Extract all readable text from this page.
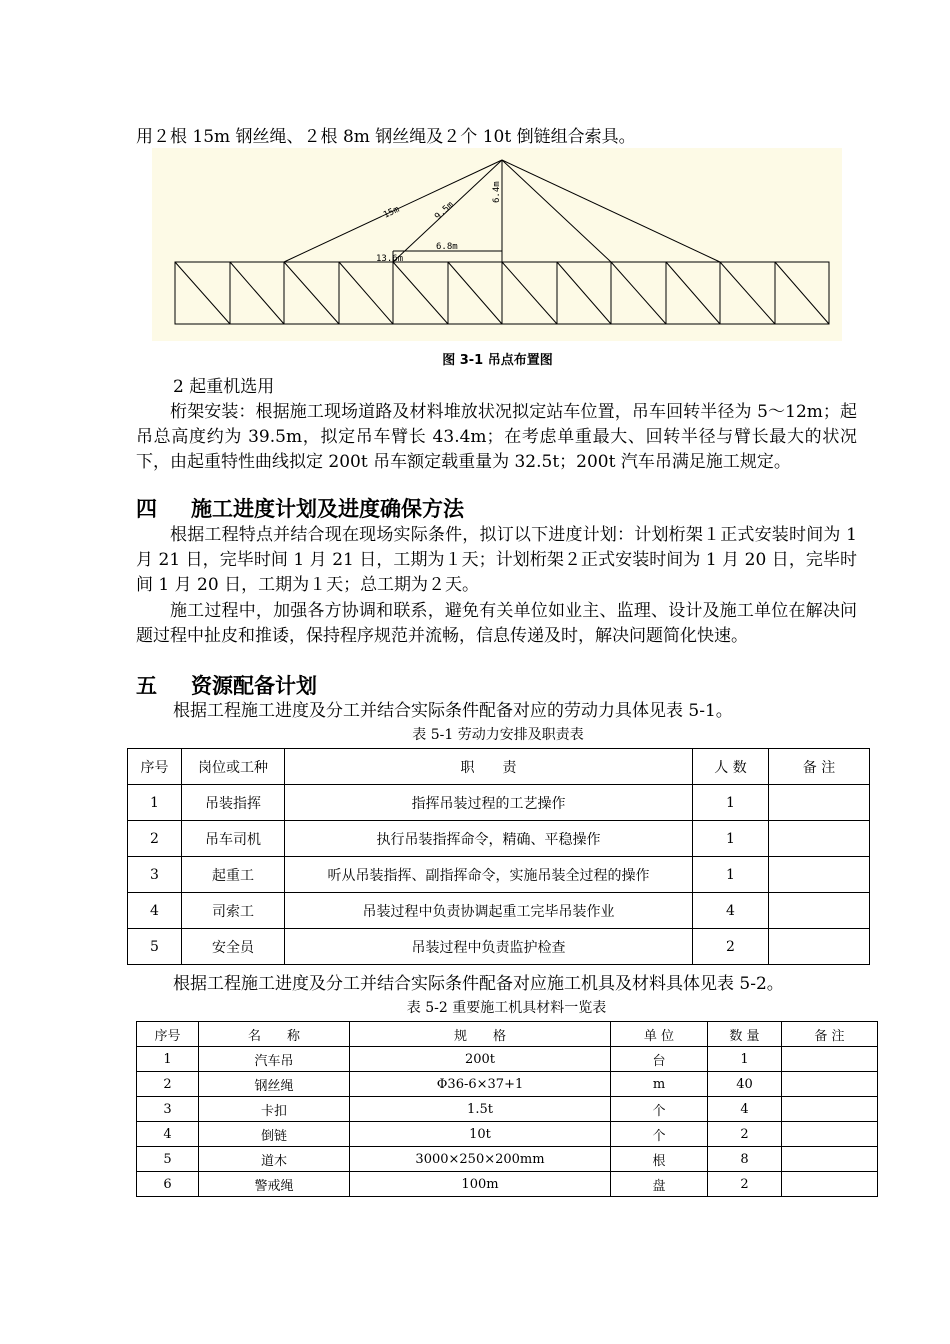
用２根 15m 钢丝绳、２根 8m 钢丝绳及２个 10t 倒链组合索具。
15m	9.5m
6.4m
6.8m
13.6m
图 3-1 吊点布置图
2 起重机选用
桁架安装：根据施工现场道路及材料堆放状况拟定站车位置，吊车回转半径为 5～12m；起吊总高度约为 39.5m，拟定吊车臂长 43.4m；在考虑单重最大、回转半径与臂长最大的状况下，由起重特性曲线拟定 200t 吊车额定载重量为 32.5t；200t 汽车吊满足施工规定。
四 施工进度计划及进度确保方法
根据工程特点并结合现在现场实际条件，拟订以下进度计划：计划桁架１正式安装时间为 1 月 21 日，完毕时间 1 月 21 日，工期为１天；计划桁架２正式安装时间为 1 月 20 日，完毕时间 1 月 20 日，工期为１天；总工期为２天。
施工过程中，加强各方协调和联系，避免有关单位如业主、监理、设计及施工单位在解决问题过程中扯皮和推诿，保持程序规范并流畅，信息传递及时，解决问题简化快速。
五 资源配备计划
根据工程施工进度及分工并结合实际条件配备对应的劳动力具体见表 5-1。
表 5-1 劳动力安排及职责表
序号	岗位或工种	职　　责	人 数	备 注
1	吊装指挥	指挥吊装过程的工艺操作	1	
2	吊车司机	执行吊装指挥命令，精确、平稳操作	1	
3	起重工	听从吊装指挥、副指挥命令，实施吊装全过程的操作	1	
4	司索工	吊装过程中负责协调起重工完毕吊装作业	4	
5	安全员	吊装过程中负责监护检查	2	
根据工程施工进度及分工并结合实际条件配备对应施工机具及材料具体见表 5-2。
表 5-2 重要施工机具材料一览表
序号	名　　称	规　　格	单 位	数 量	备 注
1	汽车吊	200t	台	1	
2	钢丝绳	Φ36-6×37+1	m	40	
3	卡扣	1.5t	个	4	
4	倒链	10t	个	2	
5	道木	3000×250×200mm	根	8	
6	警戒绳	100m	盘	2	
